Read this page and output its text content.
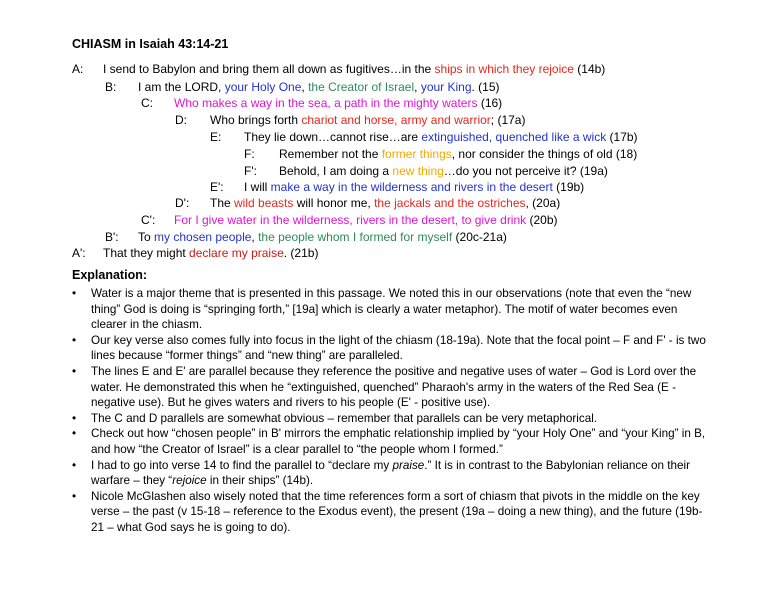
CHIASM in Isaiah 43:14-21
A: I send to Babylon and bring them all down as fugitives…in the ships in which they rejoice (14b)
B: I am the LORD, your Holy One, the Creator of Israel, your King. (15)
C: Who makes a way in the sea, a path in the mighty waters (16)
D: Who brings forth chariot and horse, army and warrior; (17a)
E: They lie down…cannot rise…are extinguished, quenched like a wick (17b)
F: Remember not the former things, nor consider the things of old (18)
F': Behold, I am doing a new thing…do you not perceive it? (19a)
E': I will make a way in the wilderness and rivers in the desert (19b)
D': The wild beasts will honor me, the jackals and the ostriches, (20a)
C': For I give water in the wilderness, rivers in the desert, to give drink (20b)
B': To my chosen people, the people whom I formed for myself (20c-21a)
A': That they might declare my praise. (21b)
Explanation:
• Water is a major theme that is presented in this passage. We noted this in our observations (note that even the “new thing” God is doing is “springing forth,” [19a] which is clearly a water metaphor). The motif of water becomes even clearer in the chiasm.
• Our key verse also comes fully into focus in the light of the chiasm (18-19a). Note that the focal point – F and F' - is two lines because “former things” and “new thing” are paralleled.
• The lines E and E' are parallel because they reference the positive and negative uses of water – God is Lord over the water. He demonstrated this when he “extinguished, quenched” Pharaoh's army in the waters of the Red Sea (E - negative use). But he gives waters and rivers to his people (E' - positive use).
• The C and D parallels are somewhat obvious – remember that parallels can be very metaphorical.
• Check out how “chosen people” in B' mirrors the emphatic relationship implied by “your Holy One” and “your King” in B, and how “the Creator of Israel” is a clear parallel to “the people whom I formed.”
• I had to go into verse 14 to find the parallel to “declare my praise.” It is in contrast to the Babylonian reliance on their warfare – they “rejoice in their ships” (14b).
• Nicole McGlashen also wisely noted that the time references form a sort of chiasm that pivots in the middle on the key verse – the past (v 15-18 – reference to the Exodus event), the present (19a – doing a new thing), and the future (19b-21 – what God says he is going to do).
